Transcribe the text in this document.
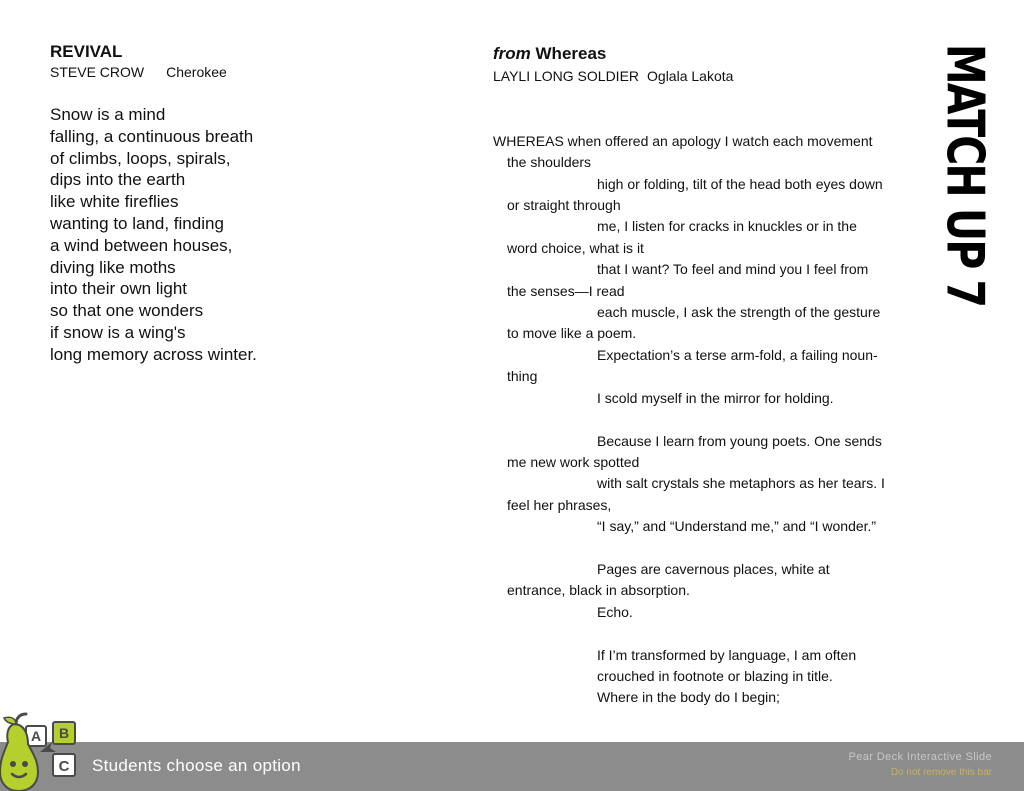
REVIVAL
STEVE CROW Cherokee
Snow is a mind
falling, a continuous breath
of climbs, loops, spirals,
dips into the earth
like white fireflies
wanting to land, finding
a wind between houses,
diving like moths
into their own light
so that one wonders
if snow is a wing's
long memory across winter.
from Whereas
LAYLI LONG SOLDIER Oglala Lakota
WHEREAS when offered an apology I watch each movement
the shoulders
high or folding, tilt of the head both eyes down
or straight through
me, I listen for cracks in knuckles or in the
word choice, what is it
that I want? To feel and mind you I feel from
the senses—I read
each muscle, I ask the strength of the gesture
to move like a poem.
Expectation’s a terse arm-fold, a failing noun-
thing
I scold myself in the mirror for holding.
Because I learn from young poets. One sends
me new work spotted
with salt crystals she metaphors as her tears. I
feel her phrases,
“I say,” and “Understand me,” and “I wonder.”
Pages are cavernous places, white at
entrance, black in absorption.
Echo.
If I’m transformed by language, I am often
crouched in footnote or blazing in title.
Where in the body do I begin;
MATCH UP 7
Students choose an option	Pear Deck Interactive Slide
Do not remove this bar
A B
C
